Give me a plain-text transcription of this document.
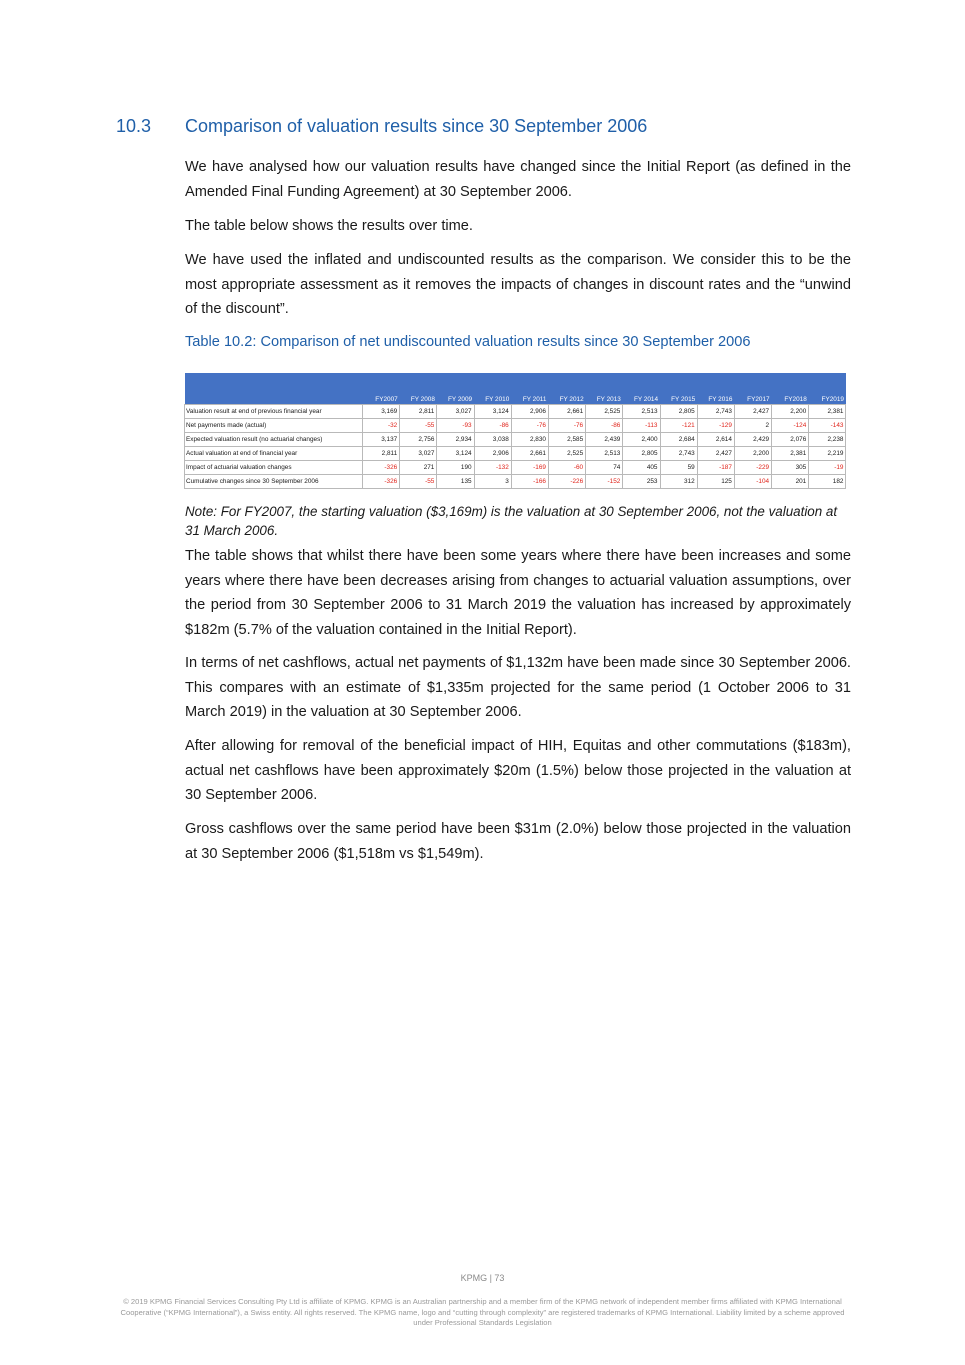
10.3 Comparison of valuation results since 30 September 2006

We have analysed how our valuation results have changed since the Initial Report (as defined in the Amended Final Funding Agreement) at 30 September 2006.

The table below shows the results over time.

We have used the inflated and undiscounted results as the comparison. We consider this to be the most appropriate assessment as it removes the impacts of changes in discount rates and the “unwind of the discount”.

Table 10.2: Comparison of net undiscounted valuation results since 30 September 2006
	FY2007	FY 2008	FY 2009	FY 2010	FY 2011	FY 2012	FY 2013	FY 2014	FY 2015	FY 2016	FY2017	FY2018	FY2019
Valuation result at end of previous financial year	3,169	2,811	3,027	3,124	2,906	2,661	2,525	2,513	2,805	2,743	2,427	2,200	2,381
Net payments made (actual)	-32	-55	-93	-86	-76	-76	-86	-113	-121	-129	2	-124	-143
Expected valuation result (no actuarial changes)	3,137	2,756	2,934	3,038	2,830	2,585	2,439	2,400	2,684	2,614	2,429	2,076	2,238
Actual valuation at end of financial year	2,811	3,027	3,124	2,906	2,661	2,525	2,513	2,805	2,743	2,427	2,200	2,381	2,219
Impact of actuarial valuation changes	-326	271	190	-132	-169	-60	74	405	59	-187	-229	305	-19
Cumulative changes since 30 September 2006	-326	-55	135	3	-166	-226	-152	253	312	125	-104	201	182

Note: For FY2007, the starting valuation ($3,169m) is the valuation at 30 September 2006, not the valuation at 31 March 2006.

The table shows that whilst there have been some years where there have been increases and some years where there have been decreases arising from changes to actuarial valuation assumptions, over the period from 30 September 2006 to 31 March 2019 the valuation has increased by approximately $182m (5.7% of the valuation contained in the Initial Report).

In terms of net cashflows, actual net payments of $1,132m have been made since 30 September 2006. This compares with an estimate of $1,335m projected for the same period (1 October 2006 to 31 March 2019) in the valuation at 30 September 2006.

After allowing for removal of the beneficial impact of HIH, Equitas and other commutations ($183m), actual net cashflows have been approximately $20m (1.5%) below those projected in the valuation at 30 September 2006.

Gross cashflows over the same period have been $31m (2.0%) below those projected in the valuation at 30 September 2006 ($1,518m vs $1,549m).

KPMG | 73

© 2019 KPMG Financial Services Consulting Pty Ltd is affiliate of KPMG. KPMG is an Australian partnership and a member firm of the KPMG network of independent member firms affiliated with KPMG International Cooperative (“KPMG International”), a Swiss entity. All rights reserved. The KPMG name, logo and “cutting through complexity” are registered trademarks of KPMG International. Liability limited by a scheme approved under Professional Standards Legislation
